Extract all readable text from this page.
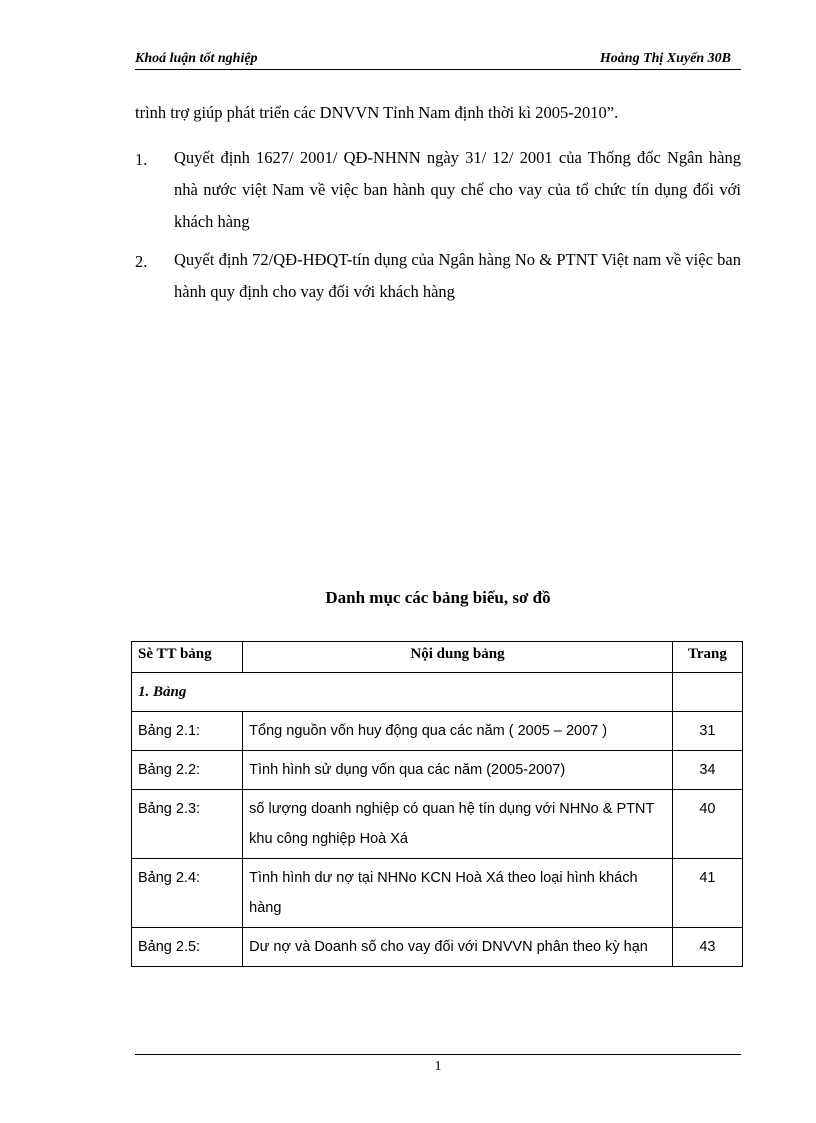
Khoá luận tốt nghiệp	Hoàng Thị Xuyến 30B
trình trợ giúp phát triển các DNVVN Tỉnh Nam định thời kì 2005-2010”.
1.	Quyết định 1627/ 2001/ QĐ-NHNN ngày 31/ 12/ 2001 của Thống đốc Ngân hàng nhà nước việt Nam về việc ban hành quy chế cho vay của tổ chức tín dụng đối với khách hàng
2.	Quyết định 72/QĐ-HĐQT-tín dụng của Ngân hàng No & PTNT Việt nam về việc ban hành quy định cho vay đối với khách hàng
Danh mục các bảng biểu, sơ đồ
Sè TT bảng	Nội dung bảng	Trang
1. Bảng		
Bảng 2.1:	Tổng nguồn vốn huy động qua các năm ( 2005 – 2007 )	31
Bảng 2.2:	Tình hình sử dụng vốn qua các năm (2005-2007)	34
Bảng 2.3:	số lượng doanh nghiệp có quan hệ tín dụng với NHNo & PTNT khu công nghiệp Hoà Xá	40
Bảng 2.4:	Tình hình dư nợ tại NHNo KCN Hoà Xá theo loại hình khách hàng	41
Bảng 2.5:	Dư nợ và Doanh số cho vay đối với DNVVN phân theo kỳ hạn	43
1
